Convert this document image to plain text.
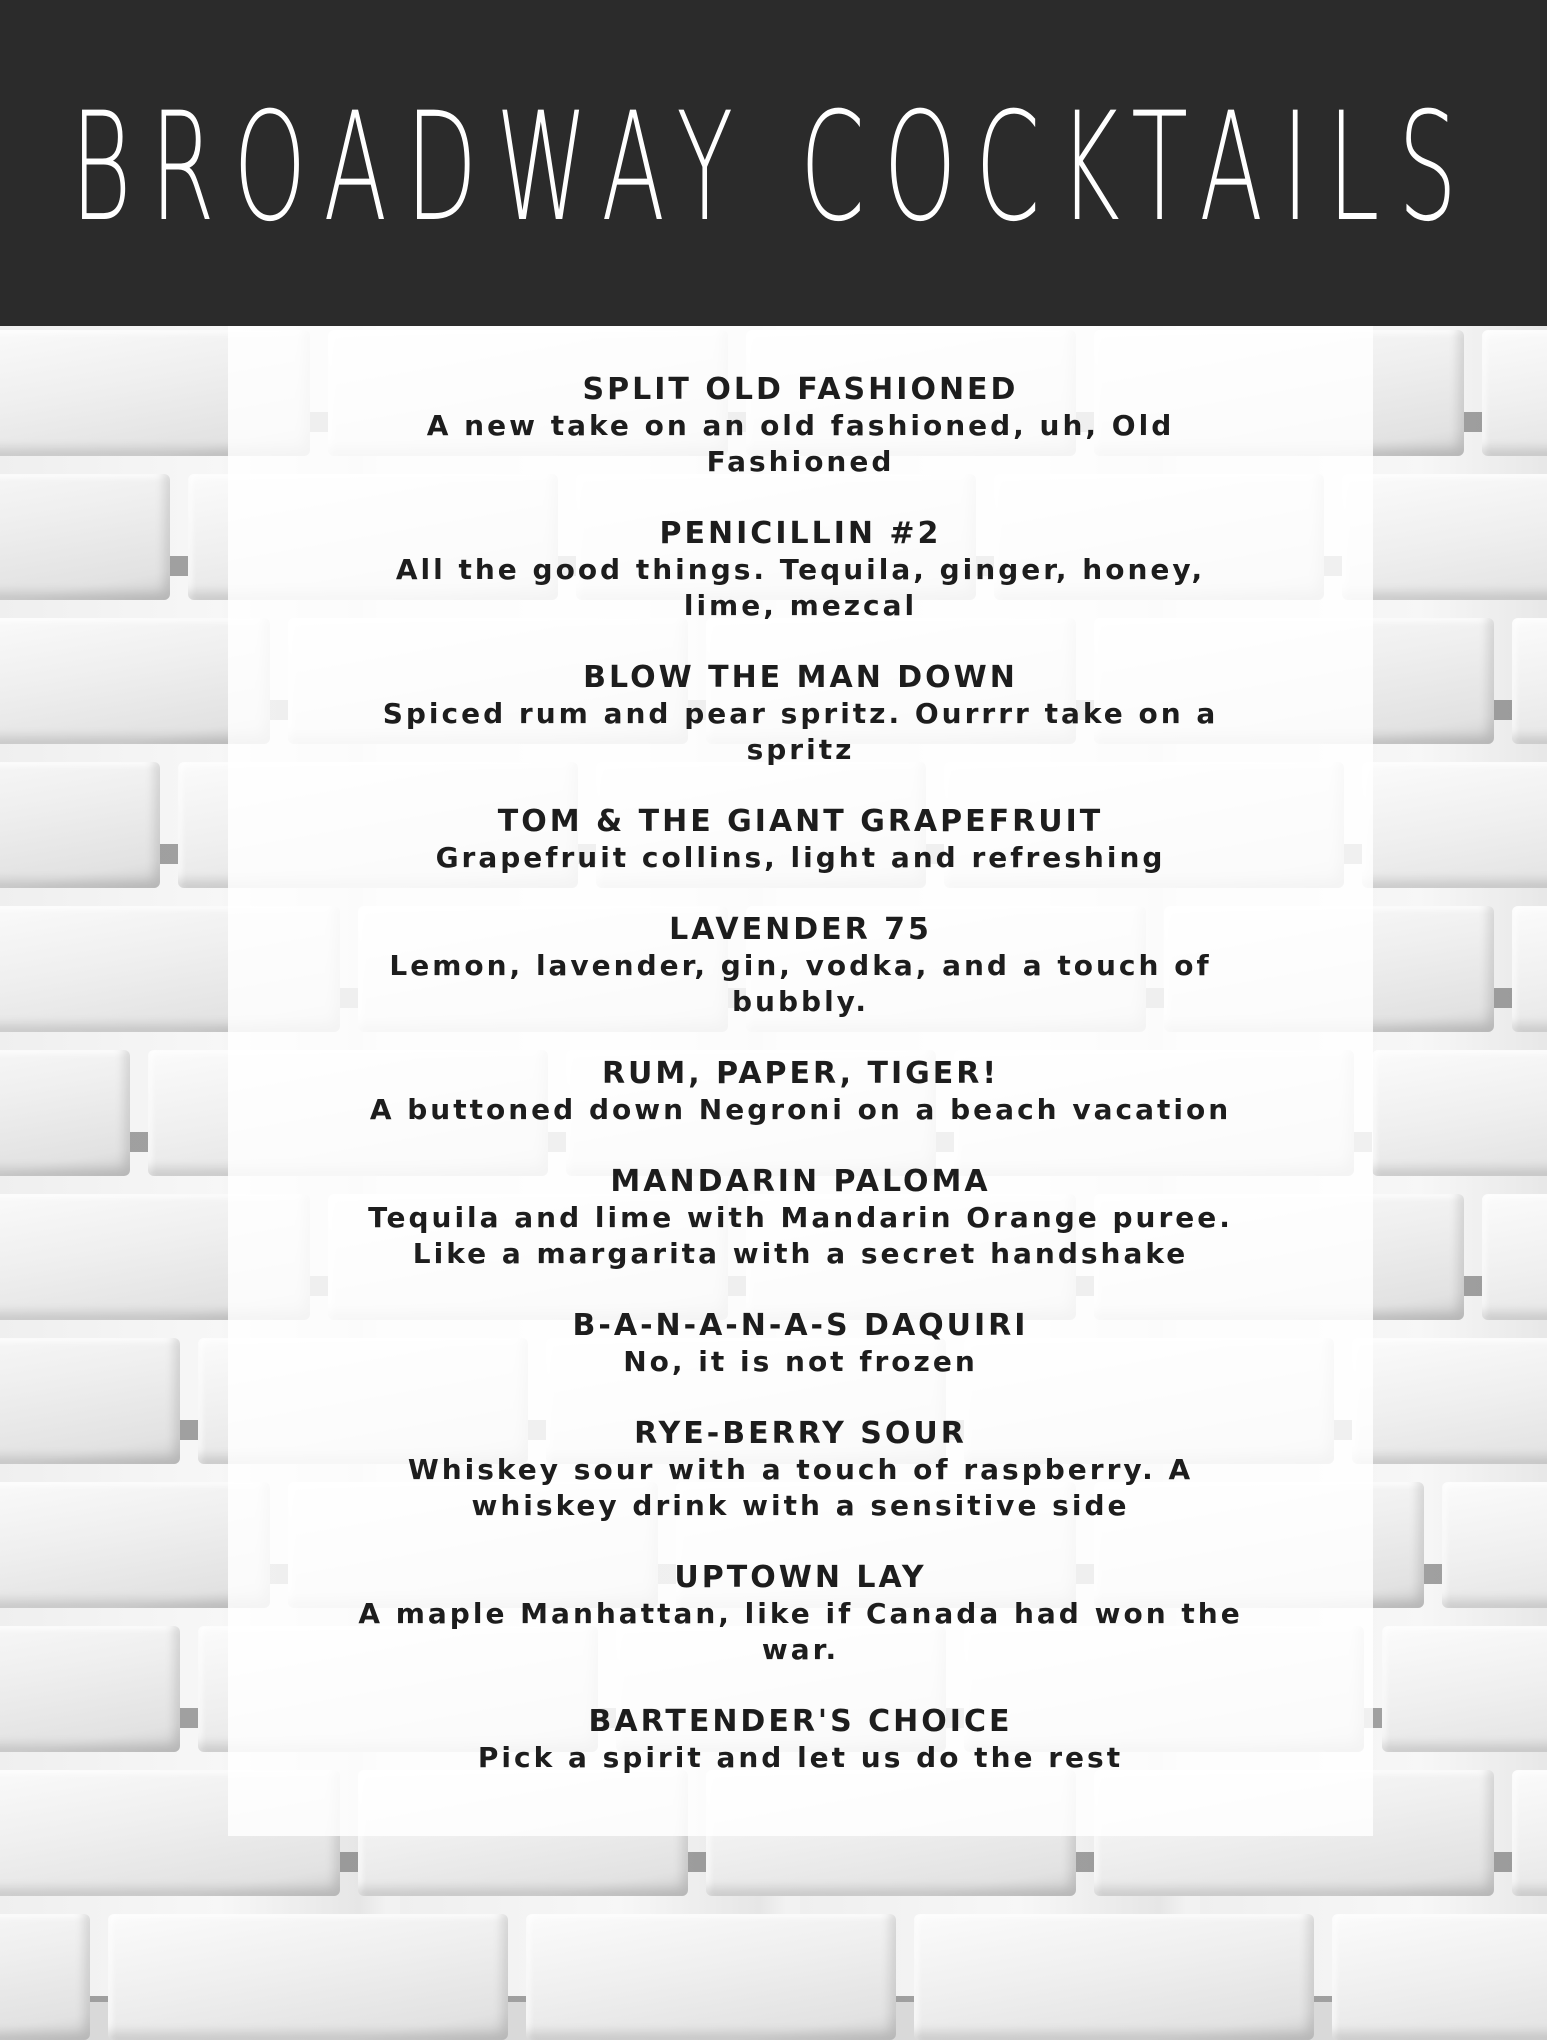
BROADWAY COCKTAILS
SPLIT OLD FASHIONED
A new take on an old fashioned, uh, Old Fashioned
PENICILLIN #2
All the good things. Tequila, ginger, honey, lime, mezcal
BLOW THE MAN DOWN
Spiced rum and pear spritz. Ourrrr take on a spritz
TOM & THE GIANT GRAPEFRUIT
Grapefruit collins, light and refreshing
LAVENDER 75
Lemon, lavender, gin, vodka, and a touch of bubbly.
RUM, PAPER, TIGER!
A buttoned down Negroni on a beach vacation
MANDARIN PALOMA
Tequila and lime with Mandarin Orange puree. Like a margarita with a secret handshake
B-A-N-A-N-A-S DAQUIRI
No, it is not frozen
RYE-BERRY SOUR
Whiskey sour with a touch of raspberry. A whiskey drink with a sensitive side
UPTOWN LAY
A maple Manhattan, like if Canada had won the war.
BARTENDER'S CHOICE
Pick a spirit and let us do the rest
